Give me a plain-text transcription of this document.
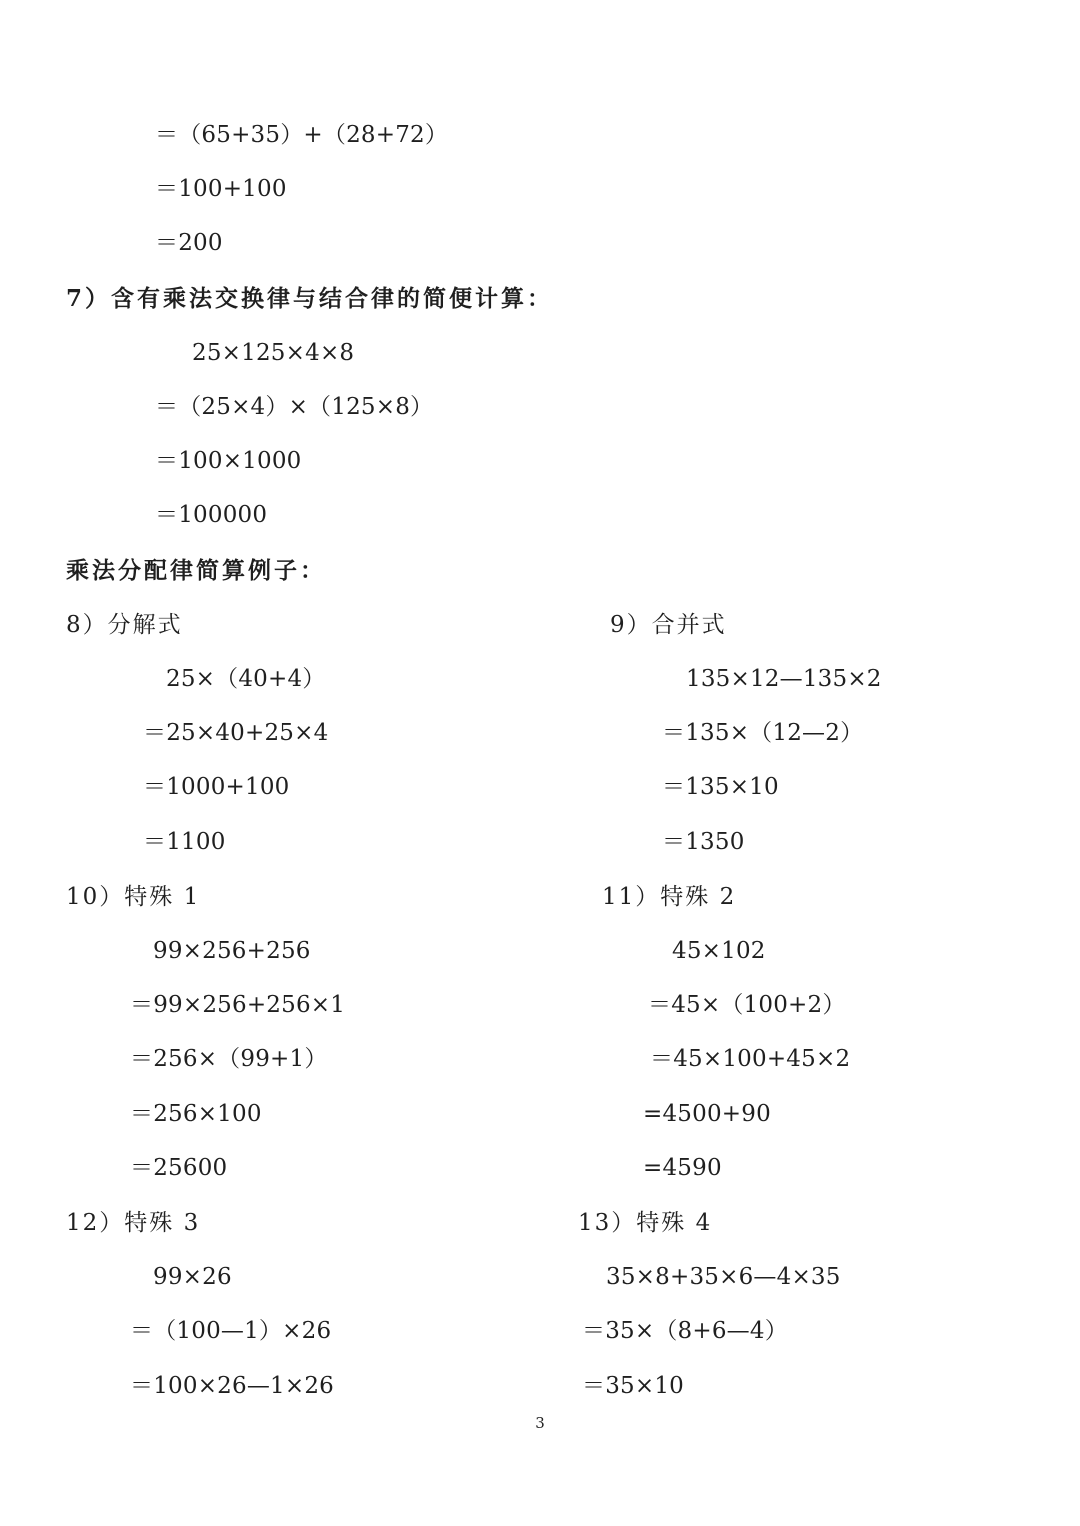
＝（65+35）+（28+72）
＝100+100
＝200
7）含有乘法交换律与结合律的简便计算：
25×125×4×8
＝（25×4）×（125×8）
＝100×1000
＝100000
乘法分配律简算例子：
8）分解式
25×（40+4）
＝25×40+25×4
＝1000+100
＝1100
9）合并式
135×12—135×2
＝135×（12—2）
＝135×10
＝1350
10）特殊 1
99×256+256
＝99×256+256×1
＝256×（99+1）
＝256×100
＝25600
11）特殊 2
45×102
＝45×（100+2）
＝45×100+45×2
=4500+90
=4590
12）特殊 3
99×26
＝（100—1）×26
＝100×26—1×26
13）特殊 4
35×8+35×6—4×35
＝35×（8+6—4）
＝35×10
3
